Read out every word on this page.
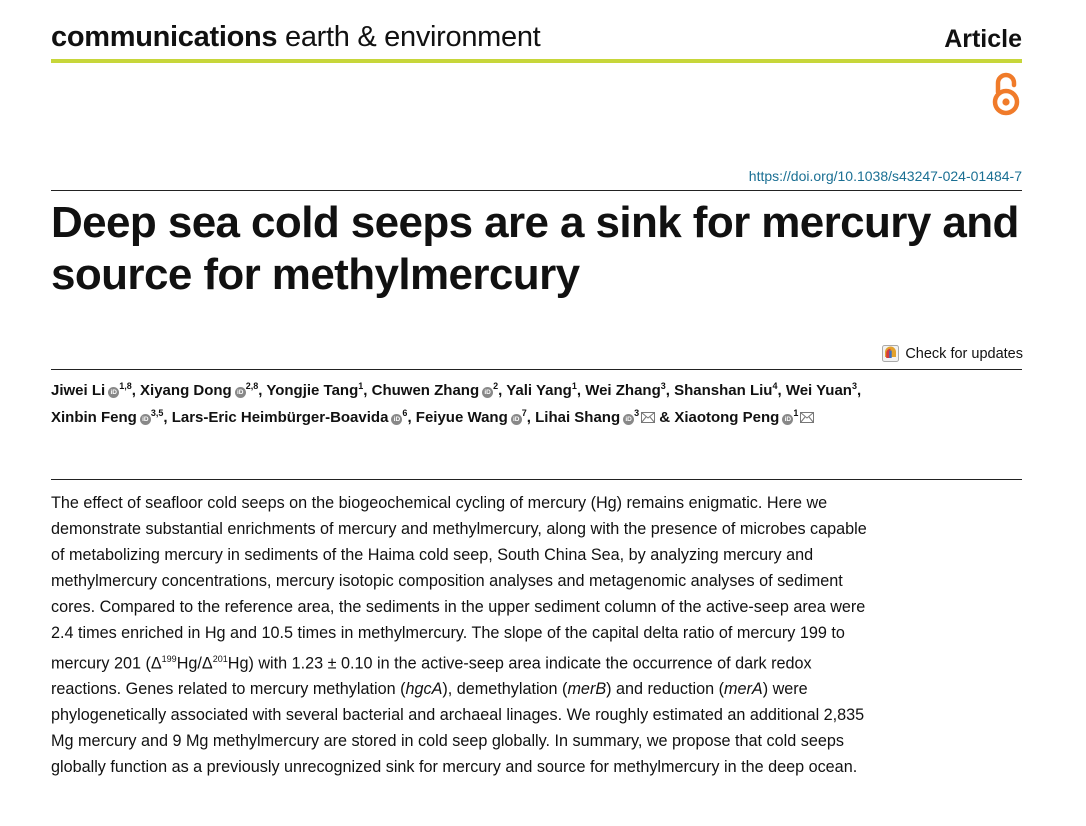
communications earth & environment	Article
https://doi.org/10.1038/s43247-024-01484-7
Deep sea cold seeps are a sink for mercury and source for methylmercury
Check for updates
Jiwei Li iD$^{1,8}$, Xiyang Dong iD$^{2,8}$, Yongjie Tang$^1$, Chuwen Zhang $iD^2$, Yali Yang$^1$, Wei Zhang$^3$, Shanshan Liu$^4$, Wei Yuan$^3$, Xinbin Feng iD$^{3,5}$, Lars-Eric Heimbürger-Boavida $iD^6$, Feiyue Wang $iD^7$, Lihai Shang $iD^3$ & Xiaotong Peng $iD^1$

The effect of seafloor cold seeps on the biogeochemical cycling of mercury (Hg) remains enigmatic. Here we demonstrate substantial enrichments of mercury and methylmercury, along with the presence of microbes capable of metabolizing mercury in sediments of the Haima cold seep, South China Sea, by analyzing mercury and methylmercury concentrations, mercury isotopic composition analyses and metagenomic analyses of sediment cores. Compared to the reference area, the sediments in the upper sediment column of the active-seep area were 2.4 times enriched in Hg and 10.5 times in methylmercury. The slope of the capital delta ratio of mercury 199 to mercury 201 $(\Delta^{199}Hg/\Delta^{201}Hg)$ with 1.23 ± 0.10 in the active-seep area indicate the occurrence of dark redox reactions. Genes related to mercury methylation (hgcA), demethylation (merB) and reduction (merA) were phylogenetically associated with several bacterial and archaeal linages. We roughly estimated an additional 2,835 Mg mercury and 9 Mg methylmercury are stored in cold seep globally. In summary, we propose that cold seeps globally function as a previously unrecognized sink for mercury and source for methylmercury in the deep ocean.
